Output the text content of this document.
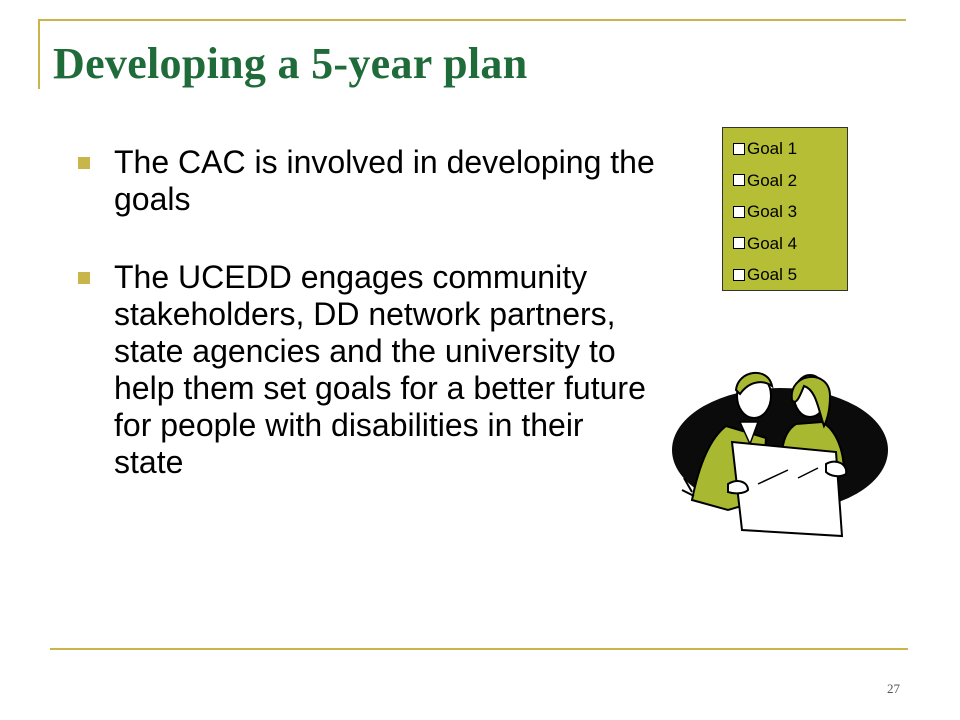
Developing a 5-year plan
The CAC is involved in developing the goals
The UCEDD engages community stakeholders, DD network partners, state agencies and the university to help them set goals for a better future for people with disabilities in their state
Goal 1
Goal 2
Goal 3
Goal 4
Goal 5
27
